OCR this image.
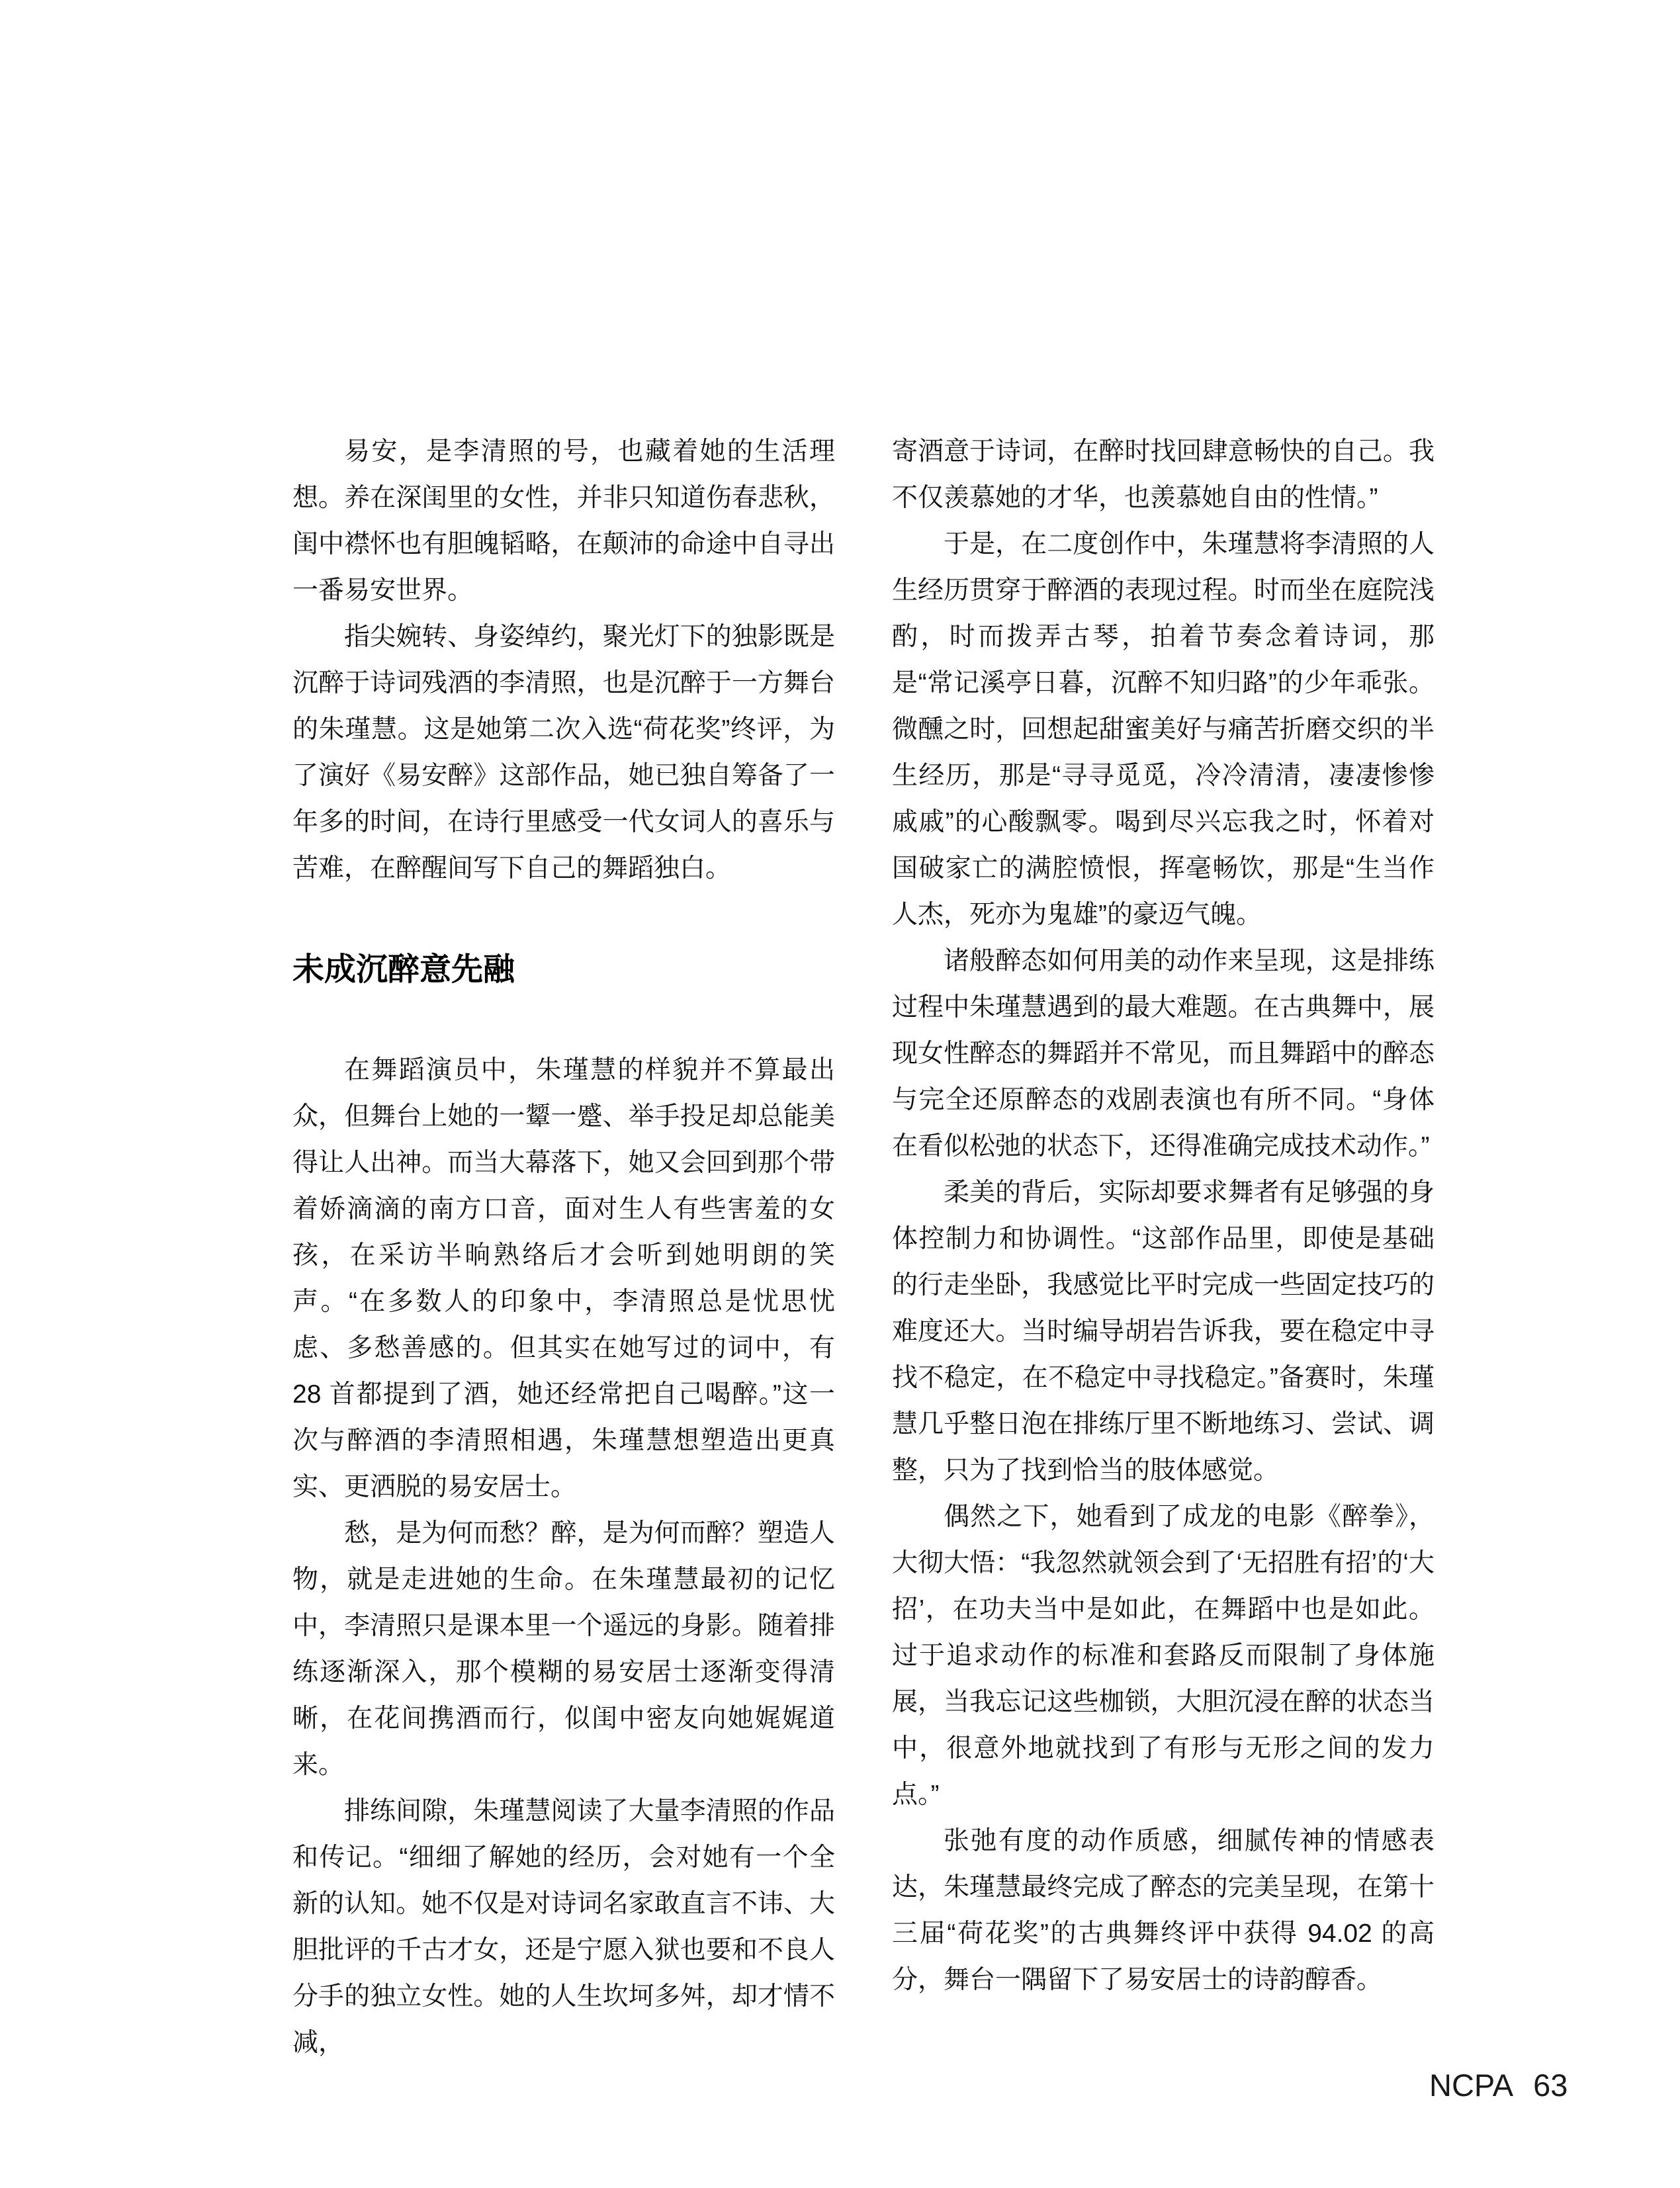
易安，是李清照的号，也藏着她的生活理想。养在深闺里的女性，并非只知道伤春悲秋，闺中襟怀也有胆魄韬略，在颠沛的命途中自寻出一番易安世界。

指尖婉转、身姿绰约，聚光灯下的独影既是沉醉于诗词残酒的李清照，也是沉醉于一方舞台的朱瑾慧。这是她第二次入选“荷花奖”终评，为了演好《易安醉》这部作品，她已独自筹备了一年多的时间，在诗行里感受一代女词人的喜乐与苦难，在醉醒间写下自己的舞蹈独白。

未成沉醉意先融

在舞蹈演员中，朱瑾慧的样貌并不算最出众，但舞台上她的一颦一蹙、举手投足却总能美得让人出神。而当大幕落下，她又会回到那个带着娇滴滴的南方口音，面对生人有些害羞的女孩，在采访半晌熟络后才会听到她明朗的笑声。“在多数人的印象中，李清照总是忧思忧虑、多愁善感的。但其实在她写过的词中，有 28 首都提到了酒，她还经常把自己喝醉。”这一次与醉酒的李清照相遇，朱瑾慧想塑造出更真实、更洒脱的易安居士。

愁，是为何而愁？醉，是为何而醉？塑造人物，就是走进她的生命。在朱瑾慧最初的记忆中，李清照只是课本里一个遥远的身影。随着排练逐渐深入，那个模糊的易安居士逐渐变得清晰，在花间携酒而行，似闺中密友向她娓娓道来。

排练间隙，朱瑾慧阅读了大量李清照的作品和传记。“细细了解她的经历，会对她有一个全新的认知。她不仅是对诗词名家敢直言不讳、大胆批评的千古才女，还是宁愿入狱也要和不良人分手的独立女性。她的人生坎坷多舛，却才情不减，

寄酒意于诗词，在醉时找回肆意畅快的自己。我不仅羡慕她的才华，也羡慕她自由的性情。”

于是，在二度创作中，朱瑾慧将李清照的人生经历贯穿于醉酒的表现过程。时而坐在庭院浅酌，时而拨弄古琴，拍着节奏念着诗词，那是“常记溪亭日暮，沉醉不知归路”的少年乖张。微醺之时，回想起甜蜜美好与痛苦折磨交织的半生经历，那是“寻寻觅觅，冷冷清清，凄凄惨惨戚戚”的心酸飘零。喝到尽兴忘我之时，怀着对国破家亡的满腔愤恨，挥毫畅饮，那是“生当作人杰，死亦为鬼雄”的豪迈气魄。

诸般醉态如何用美的动作来呈现，这是排练过程中朱瑾慧遇到的最大难题。在古典舞中，展现女性醉态的舞蹈并不常见，而且舞蹈中的醉态与完全还原醉态的戏剧表演也有所不同。“身体在看似松弛的状态下，还得准确完成技术动作。”

柔美的背后，实际却要求舞者有足够强的身体控制力和协调性。“这部作品里，即使是基础的行走坐卧，我感觉比平时完成一些固定技巧的难度还大。当时编导胡岩告诉我，要在稳定中寻找不稳定，在不稳定中寻找稳定。”备赛时，朱瑾慧几乎整日泡在排练厅里不断地练习、尝试、调整，只为了找到恰当的肢体感觉。

偶然之下，她看到了成龙的电影《醉拳》，大彻大悟：“我忽然就领会到了‘无招胜有招’的‘大招’，在功夫当中是如此，在舞蹈中也是如此。过于追求动作的标准和套路反而限制了身体施展，当我忘记这些枷锁，大胆沉浸在醉的状态当中，很意外地就找到了有形与无形之间的发力点。”

张弛有度的动作质感，细腻传神的情感表达，朱瑾慧最终完成了醉态的完美呈现，在第十三届“荷花奖”的古典舞终评中获得 94.02 的高分，舞台一隅留下了易安居士的诗韵醇香。

NCPA 63
